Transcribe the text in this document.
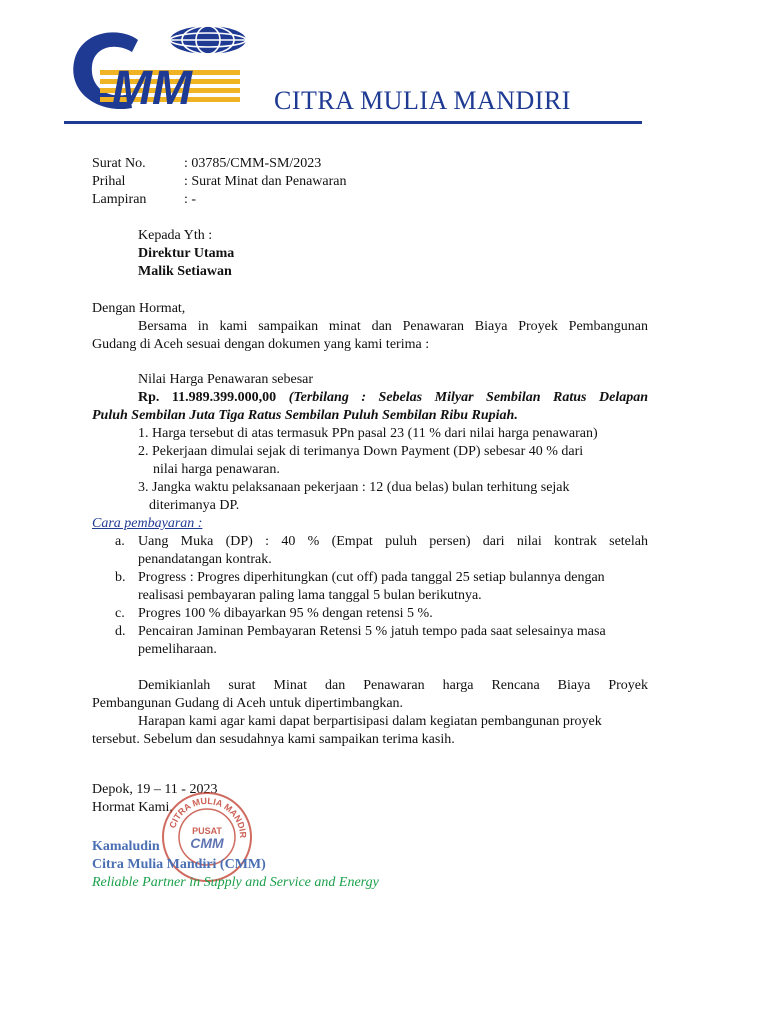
MM	CITRA MULIA MANDIRI
Surat No.	: 03785/CMM-SM/2023
Prihal	: Surat Minat dan Penawaran
Lampiran	: -
Kepada Yth :
Direktur Utama
Malik Setiawan
Dengan Hormat,
Bersama in kami sampaikan minat dan Penawaran Biaya Proyek Pembangunan
Gudang di Aceh sesuai dengan dokumen yang kami terima :
Nilai Harga Penawaran sebesar
Rp. 11.989.399.000,00 (Terbilang : Sebelas Milyar Sembilan Ratus Delapan
Puluh Sembilan Juta Tiga Ratus Sembilan Puluh Sembilan Ribu Rupiah.
1. Harga tersebut di atas termasuk PPn pasal 23 (11 % dari nilai harga penawaran)
2. Pekerjaan dimulai sejak di terimanya Down Payment (DP) sebesar 40 % dari
nilai harga penawaran.
3. Jangka waktu pelaksanaan pekerjaan : 12 (dua belas) bulan terhitung sejak
diterimanya DP.
Cara pembayaran :
a. Uang Muka (DP) : 40 % (Empat puluh persen) dari nilai kontrak setelah
penandatangan kontrak.
b. Progress : Progres diperhitungkan (cut off) pada tanggal 25 setiap bulannya dengan
realisasi pembayaran paling lama tanggal 5 bulan berikutnya.
c. Progres 100 % dibayarkan 95 % dengan retensi 5 %.
d. Pencairan Jaminan Pembayaran Retensi 5 % jatuh tempo pada saat selesainya masa
pemeliharaan.
Demikianlah surat Minat dan Penawaran harga Rencana Biaya Proyek
Pembangunan Gudang di Aceh untuk dipertimbangkan.
Harapan kami agar kami dapat berpartisipasi dalam kegiatan pembangunan proyek
tersebut. Sebelum dan sesudahnya kami sampaikan terima kasih.
Depok, 19 – 11 - 2023
Hormat Kami,
CITRA MULIA MANDIR
PUSAT
CMM
Kamaludin
Citra Mulia Mandiri (CMM)
Reliable Partner in Supply and Service and Energy
